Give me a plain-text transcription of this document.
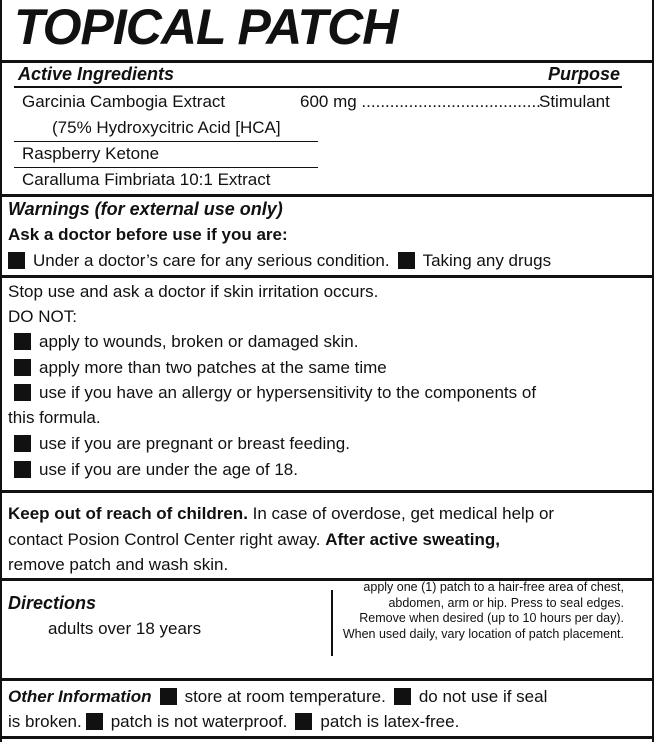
TOPICAL PATCH
Active Ingredients	Purpose
Garcinia Cambogia Extract	600 mg ......................................
Stimulant
(75% Hydroxycitric Acid [HCA]
Raspberry Ketone
Caralluma Fimbriata 10:1 Extract
Warnings (for external use only)
Ask a doctor before use if you are:
Under a doctor’s care for any serious condition. Taking any drugs
Stop use and ask a doctor if skin irritation occurs.
DO NOT:
apply to wounds, broken or damaged skin.
apply more than two patches at the same time
use if you have an allergy or hypersensitivity to the components of
this formula.
use if you are pregnant or breast feeding.
use if you are under the age of 18.
Keep out of reach of children. In case of overdose, get medical help or
contact Posion Control Center right away. After active sweating,
remove patch and wash skin.
Directions
adults over 18 years
apply one (1) patch to a hair-free area of chest, abdomen, arm or hip. Press to seal edges. Remove when desired (up to 10 hours per day). When used daily, vary location of patch placement.
Other Information store at room temperature. do not use if seal
is broken. patch is not waterproof. patch is latex-free.
